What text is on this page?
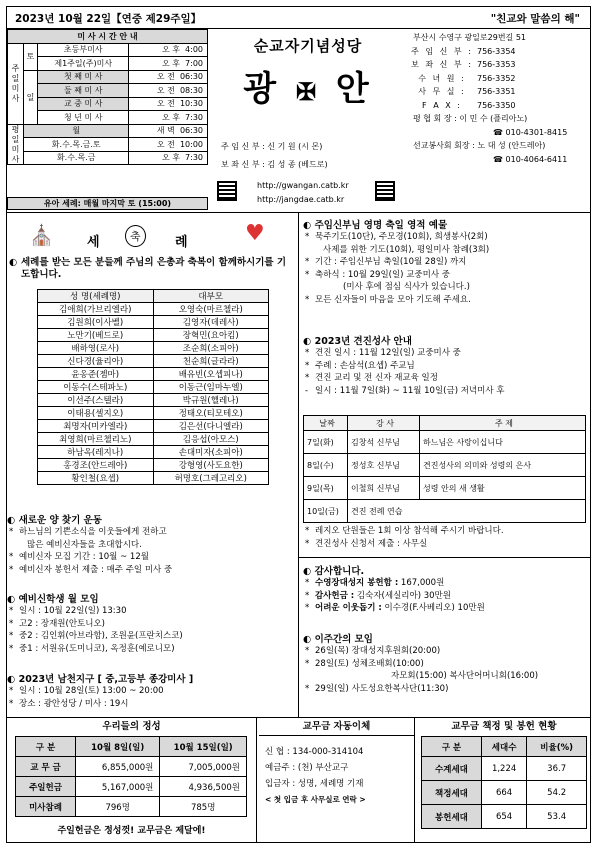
2023년 10월 22일【연중 제29주일】	"친교와 말씀의 해"
미 사 시 간 안 내			
주일미사	토	초등부미사	오 후 4:00
		제1주일(주)미사	오 후 7:00
	일	첫 째 미 사	오 전 06:30
		둘 째 미 사	오 전 08:30
		교 중 미 사	오 전 10:30
		청 년 미 사	오 후 7:30
평일미사	월		새 벽 06:30
	화.수.목.금.토		오 전 10:00
	화.수.목.금		오 후 7:30
유아 세례: 매월 마지막 토 (15:00)
순교자기념성당
광 ✠ 안
주 임 신 부 : 신 기 원 (시 몬)
보 좌 신 부 : 김 성 종 (베드로)
http://gwangan.catb.kr
http://jangdae.catb.kr
부산시 수영구 광일로29번길 51
주 임 신 부 : 756-3354
보 좌 신 부 : 756-3353
수 녀 원 : 756-3352
사 무 실 : 756-3351
F A X : 756-3350
평 협 회 장 : 이 민 수 (플리아노)
☎ 010-4301-8415
선교봉사회 회장 : 노 대 성 (안드레아)
☎ 010-4064-6411
⛪	세	축	례	♥
◐ 세례를 받는 모든 분들께 주님의 은총과 축복이 함께하시기를 기도합니다.
성 명(세례명)	대부모
김애희(가브리엘라)	오영숙(마르첼라)
김원희(이사벨)	김영자(데레사)
노만기(베드로)	장혁민(요아킴)
배하영(로사)	조순희(소피아)
신다경(율리아)	천순희(글라라)
윤옹준(젬마)	배유빈(오셉피나)
이동수(스테파노)	이동근(임마누엘)
이선주(스텔라)	박규원(헬레나)
이태용(셀지오)	정태오(티모테오)
최명자(미카엘라)	김은선(다니엘라)
최영희(마르첼리노)	김응섭(아모스)
하남옥(레지나)	손대미자(소피아)
홍경조(안드레아)	강형영(사도요한)
황인철(요셉)	허명호(그레고리오)
◐ 새로운 양 찾기 운동
* 하느님의 기쁜소식을 이웃들에게 전하고
많은 예비신자들을 초대합시다.
* 예비신자 모집 기간 : 10월 ~ 12월
* 예비신자 봉헌서 제출 : 매주 주일 미사 중
◐ 예비신학생 월 모임
* 일시 : 10월 22일(일) 13:30
* 고2 : 장재원(안토니오)
* 중2 : 김인휘(아브라함), 조원윤(프란치스코)
* 중1 : 서원유(도미니코), 옥정훈(예로니모)
◐ 2023년 남천지구 [ 중,고등부 종강미사 ]
* 일시 : 10월 28일(토) 13:00 ~ 20:00
* 장소 : 광안성당 / 미사 : 19시
◐ 주임신부님 영명 축일 영적 예물
* 묵주기도(10단), 주모경(10회), 희생봉사(2회)
사제를 위한 기도(10회), 평일미사 참례(3회)
* 기간 : 주임신부님 축일(10월 28일) 까지
* 축하식 : 10월 29일(일) 교중미사 중
(미사 후에 점심 식사가 있습니다.)
* 모든 신자들이 마음을 모아 기도해 주세요.
◐ 2023년 견진성사 안내
* 견진 일시 : 11월 12일(일) 교중미사 중
* 주례 : 손삼석(요셉) 주교님
* 견진 교리 및 전 신자 재교육 일정
- 일시 : 11월 7일(화) ~ 11월 10일(금) 저녁미사 후
날짜	강 사	주 제
7일(화)	김창석 신부님	하느님은 사랑이십니다
8일(수)	정성호 신부님	견진성사의 의미와 성령의 은사
9일(목)	이철희 신부님	성령 안의 새 생활
10일(금)	견진 전례 연습	
* 레지오 단원들은 1회 이상 참석해 주시기 바랍니다.
* 견진성사 신청서 제출 : 사무실
◐ 감사합니다.
* 수영장대성지 봉헌함 : 167,000원
* 감사헌금 : 김숙자(세실리아) 30만원
* 어려운 이웃돕기 : 이수경(F.사베리오) 10만원
◐ 이주간의 모임
* 26일(목) 장대성지후원회(20:00)
* 28일(토) 성체조배회(10:00)
자모회(15:00) 복사단어머니회(16:00)
* 29일(일) 사도성요한복사단(11:30)
우리들의 정성
구 분	10월 8일(일)	10월 15일(일)
교 무 금	6,855,000원	7,005,000원
주일헌금	5,167,000원	4,936,500원
미사참례	796명	785명
주일헌금은 정성껏! 교무금은 제달에!
교무금 자동이체
신 협 : 134-000-314104
예금주 : (천) 부산교구
입금자 : 성명, 세례명 기재
< 첫 입금 후 사무실로 연락 >
교무금 책정 및 봉헌 현황
구 분	세대수	비율(%)
수계세대	1,224	36.7
책정세대	664	54.2
봉헌세대	654	53.4
